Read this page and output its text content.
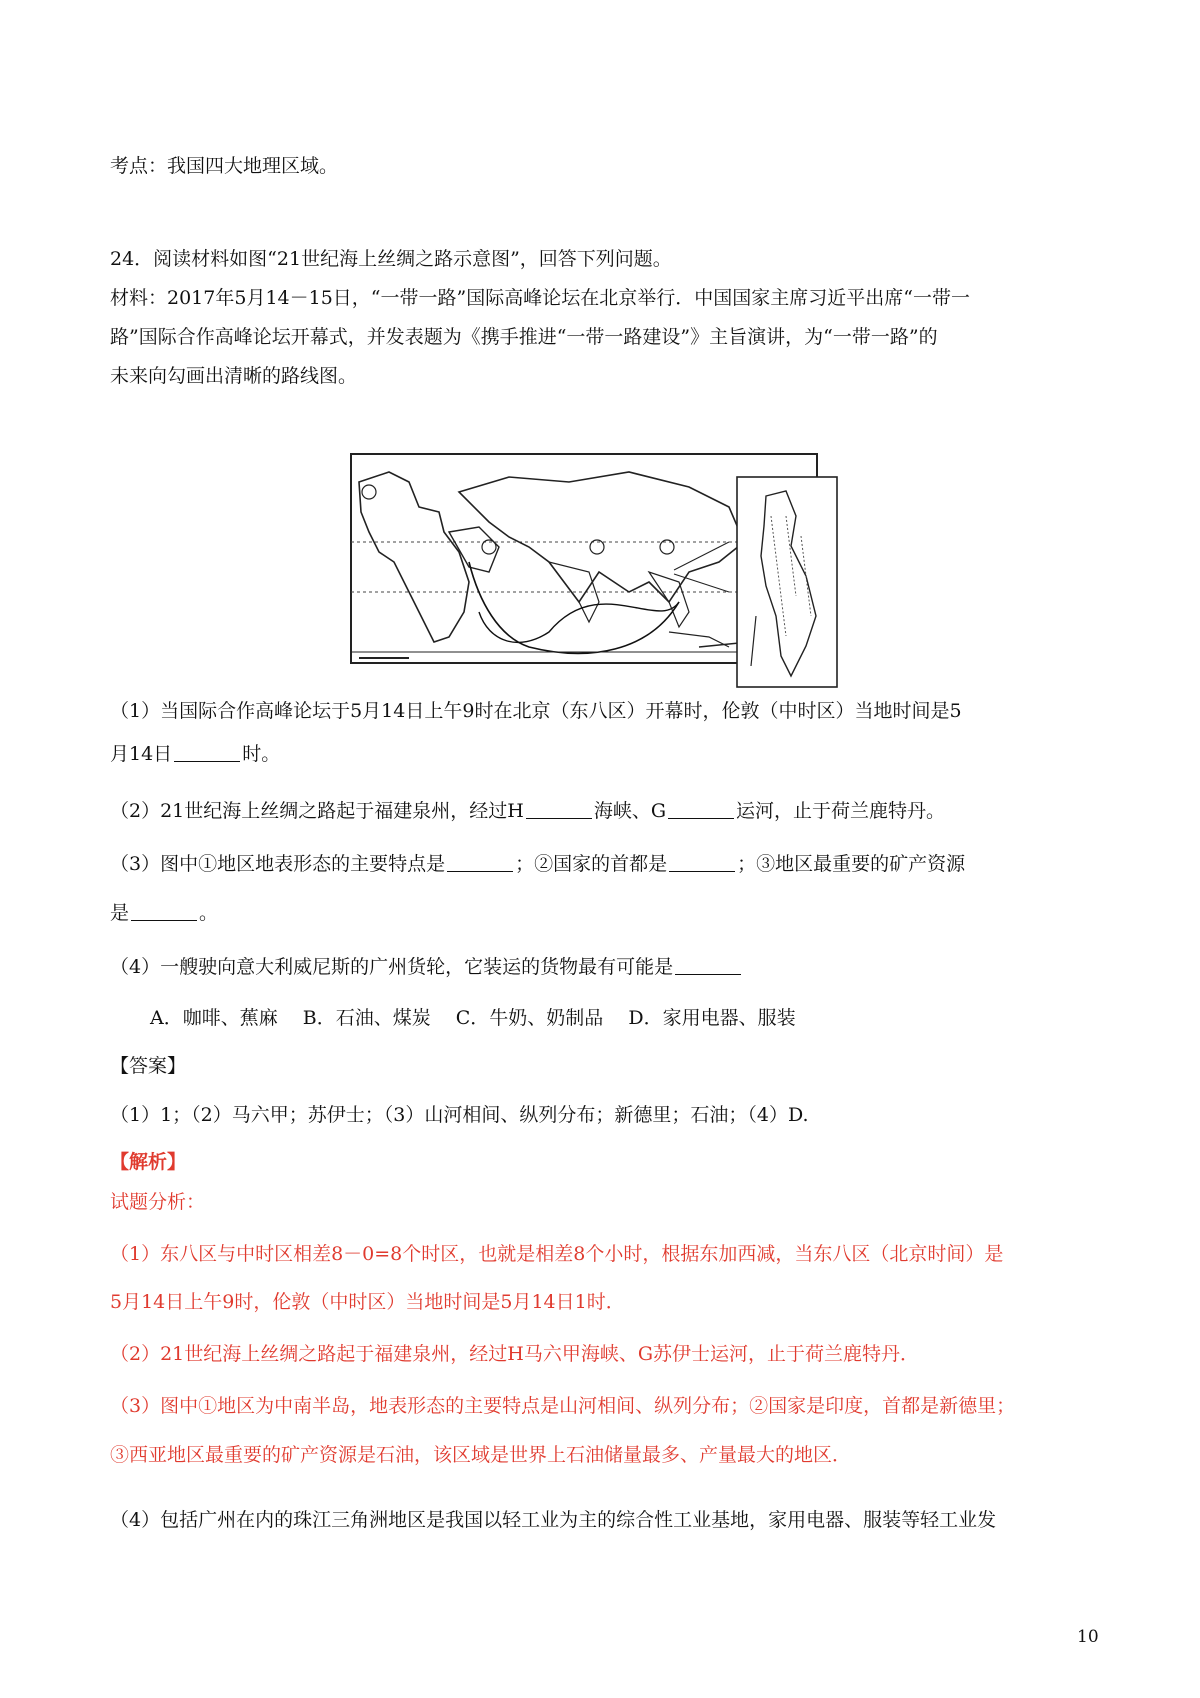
考点：我国四大地理区域。
24．阅读材料如图“21世纪海上丝绸之路示意图”，回答下列问题。
材料：2017年5月14－15日，“一带一路”国际高峰论坛在北京举行．中国国家主席习近平出席“一带一
路”国际合作高峰论坛开幕式，并发表题为《携手推进“一带一路建设”》主旨演讲，为“一带一路”的
未来向勾画出清晰的路线图。
（1）当国际合作高峰论坛于5月14日上午9时在北京（东八区）开幕时，伦敦（中时区）当地时间是5
月14日	时。
（2）21世纪海上丝绸之路起于福建泉州，经过H	海峡、G	运河，止于荷兰鹿特丹。
（3）图中①地区地表形态的主要特点是	；②国家的首都是	；③地区最重要的矿产资源
是	。
（4）一艘驶向意大利威尼斯的广州货轮，它装运的货物最有可能是
A．咖啡、蕉麻　 B．石油、煤炭　 C．牛奶、奶制品　 D．家用电器、服装
【答案】
（1）1；（2）马六甲；苏伊士；（3）山河相间、纵列分布；新德里；石油；（4）D.
【解析】
试题分析：
（1）东八区与中时区相差8－0=8个时区，也就是相差8个小时，根据东加西减，当东八区（北京时间）是
5月14日上午9时，伦敦（中时区）当地时间是5月14日1时．
（2）21世纪海上丝绸之路起于福建泉州，经过H马六甲海峡、G苏伊士运河，止于荷兰鹿特丹．
（3）图中①地区为中南半岛，地表形态的主要特点是山河相间、纵列分布；②国家是印度，首都是新德里；
③西亚地区最重要的矿产资源是石油，该区域是世界上石油储量最多、产量最大的地区．
（4）包括广州在内的珠江三角洲地区是我国以轻工业为主的综合性工业基地，家用电器、服装等轻工业发
10
